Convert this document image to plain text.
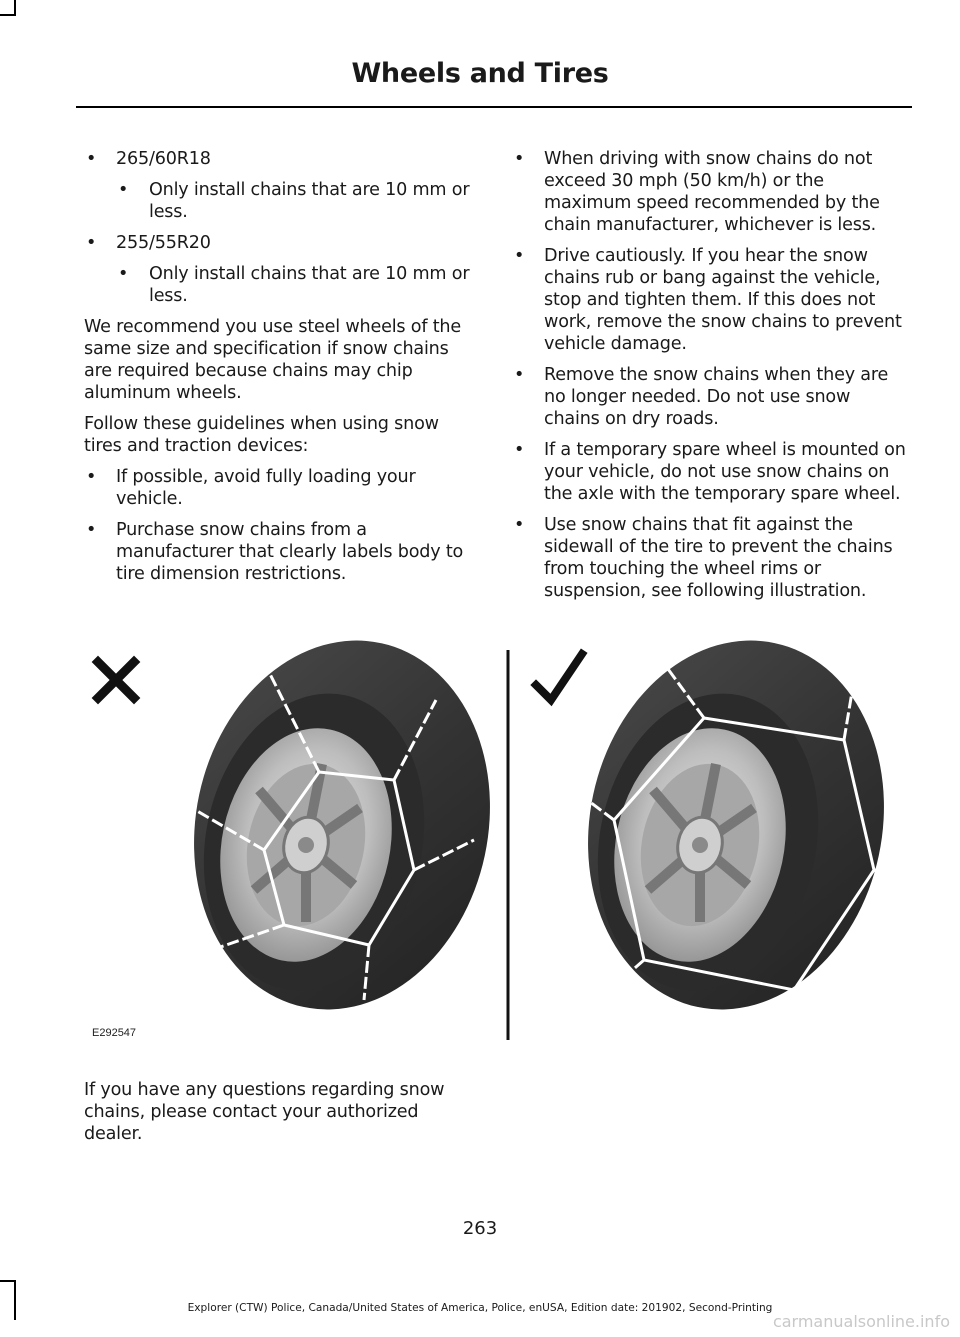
Wheels and Tires
• 265/60R18
• Only install chains that are 10 mm or less.
• 255/55R20
• Only install chains that are 10 mm or less.

We recommend you use steel wheels of the same size and specification if snow chains are required because chains may chip aluminum wheels.

Follow these guidelines when using snow tires and traction devices:

• If possible, avoid fully loading your vehicle.
• Purchase snow chains from a manufacturer that clearly labels body to tire dimension restrictions.
• When driving with snow chains do not exceed 30 mph (50 km/h) or the maximum speed recommended by the chain manufacturer, whichever is less.
• Drive cautiously. If you hear the snow chains rub or bang against the vehicle, stop and tighten them. If this does not work, remove the snow chains to prevent vehicle damage.
• Remove the snow chains when they are no longer needed. Do not use snow chains on dry roads.
• If a temporary spare wheel is mounted on your vehicle, do not use snow chains on the axle with the temporary spare wheel.
• Use snow chains that fit against the sidewall of the tire to prevent the chains from touching the wheel rims or suspension, see following illustration.
E292547

If you have any questions regarding snow chains, please contact your authorized dealer.

263
Explorer (CTW) Police, Canada/United States of America, Police, enUSA, Edition date: 201902, Second-Printing
carmanualsonline.info
